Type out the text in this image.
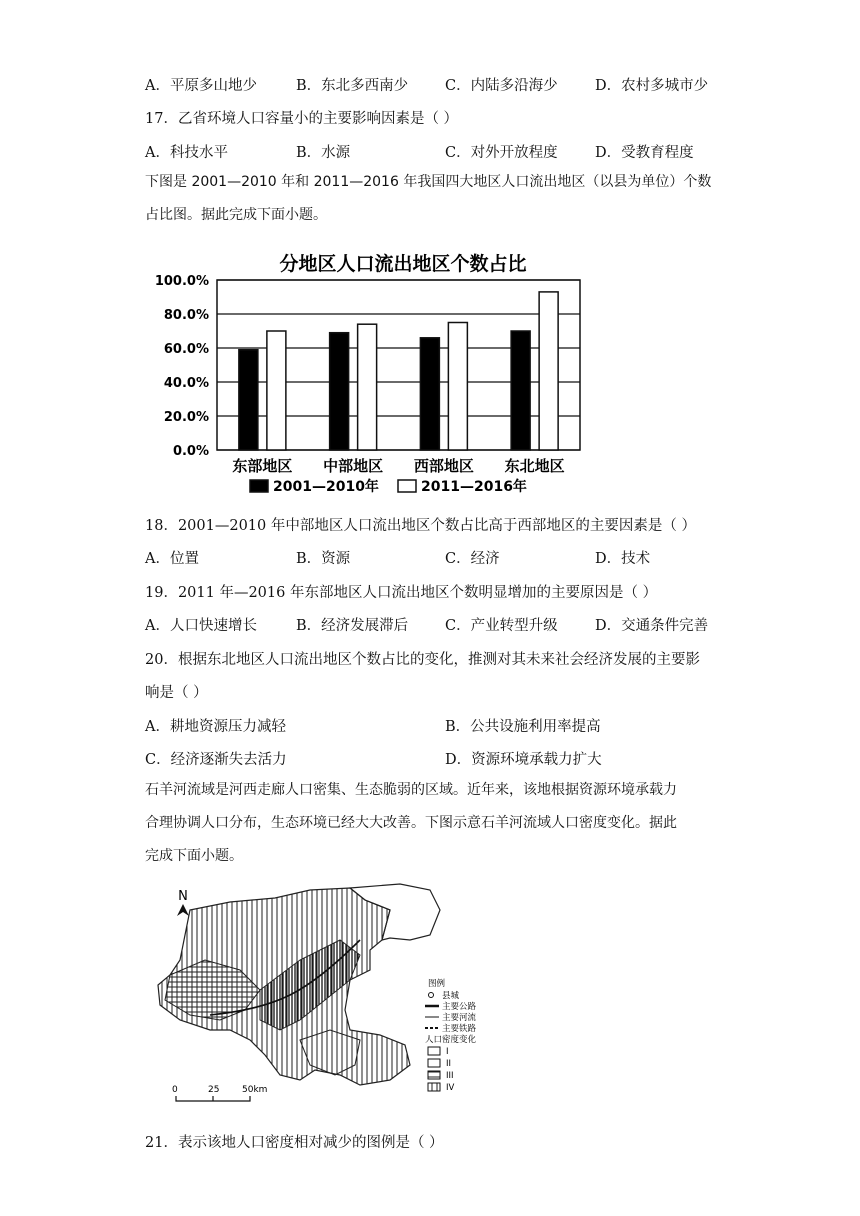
A．平原多山地少	B．东北多西南少	C．内陆多沿海少	D．农村多城市少
17．乙省环境人口容量小的主要影响因素是（ ）
A．科技水平	B．水源	C．对外开放程度	D．受教育程度
下图是 2001—2010 年和 2011—2016 年我国四大地区人口流出地区（以县为单位）个数
占比图。据此完成下面小题。
分地区人口流出地区个数占比
0.0%
20.0%
40.0%
60.0%
80.0%
100.0%
东部地区 中部地区 西部地区 东北地区
2001—2010年	2011—2016年
18．2001—2010 年中部地区人口流出地区个数占比高于西部地区的主要因素是（ ）
A．位置	B．资源	C．经济	D．技术
19．2011 年—2016 年东部地区人口流出地区个数明显增加的主要原因是（ ）
A．人口快速增长	B．经济发展滞后	C．产业转型升级	D．交通条件完善
20．根据东北地区人口流出地区个数占比的变化，推测对其未来社会经济发展的主要影
响是（ ）
A．耕地资源压力减轻	B．公共设施利用率提高
C．经济逐渐失去活力	D．资源环境承载力扩大
石羊河流域是河西走廊人口密集、生态脆弱的区域。近年来，该地根据资源环境承载力
合理协调人口分布，生态环境已经大大改善。下图示意石羊河流域人口密度变化。据此
完成下面小题。
N
图例
县城
主要公路
主要河流
主要铁路
人口密度变化
I
II
III
IV
0	25	50km
21．表示该地人口密度相对减少的图例是（ ）
